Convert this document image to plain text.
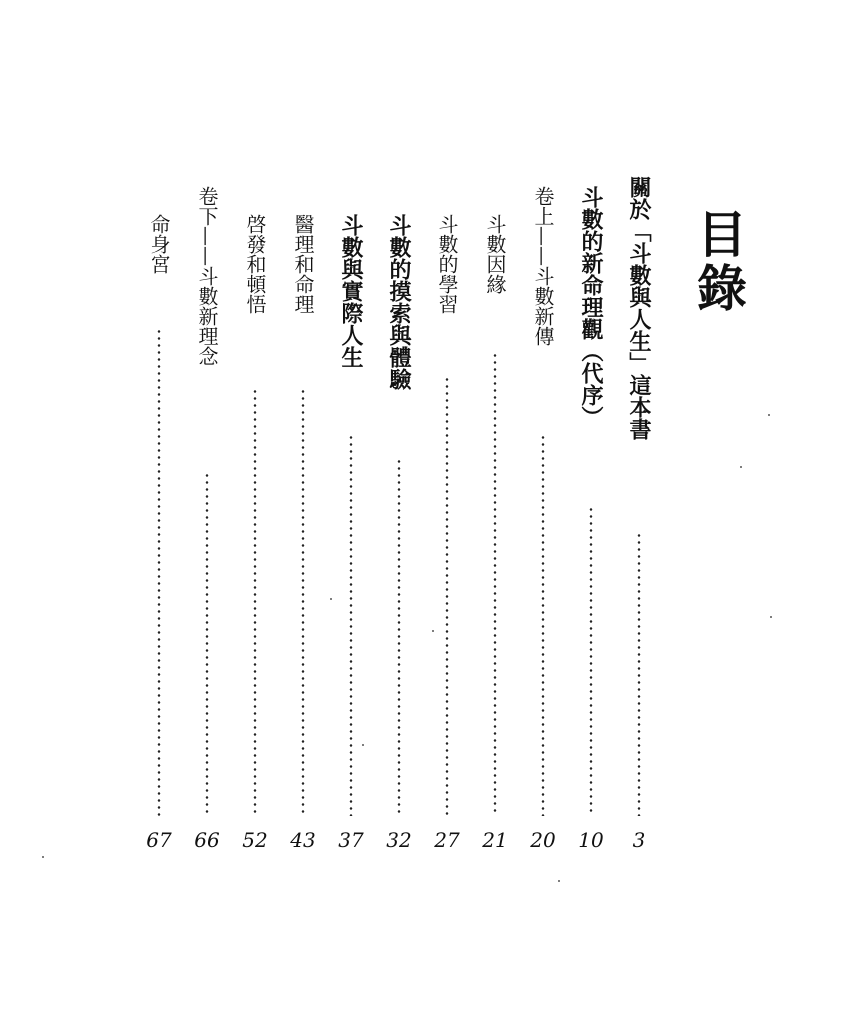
目錄
關於「斗數與人生」這本書
3
斗數的新命理觀（代序）
10
卷上——斗數新傳
20
斗數因緣
21
斗數的學習
27
斗數的摸索與體驗
32
斗數與實際人生
37
醫理和命理
43
啓發和頓悟
52
卷下——斗數新理念
66
命身宮
67
